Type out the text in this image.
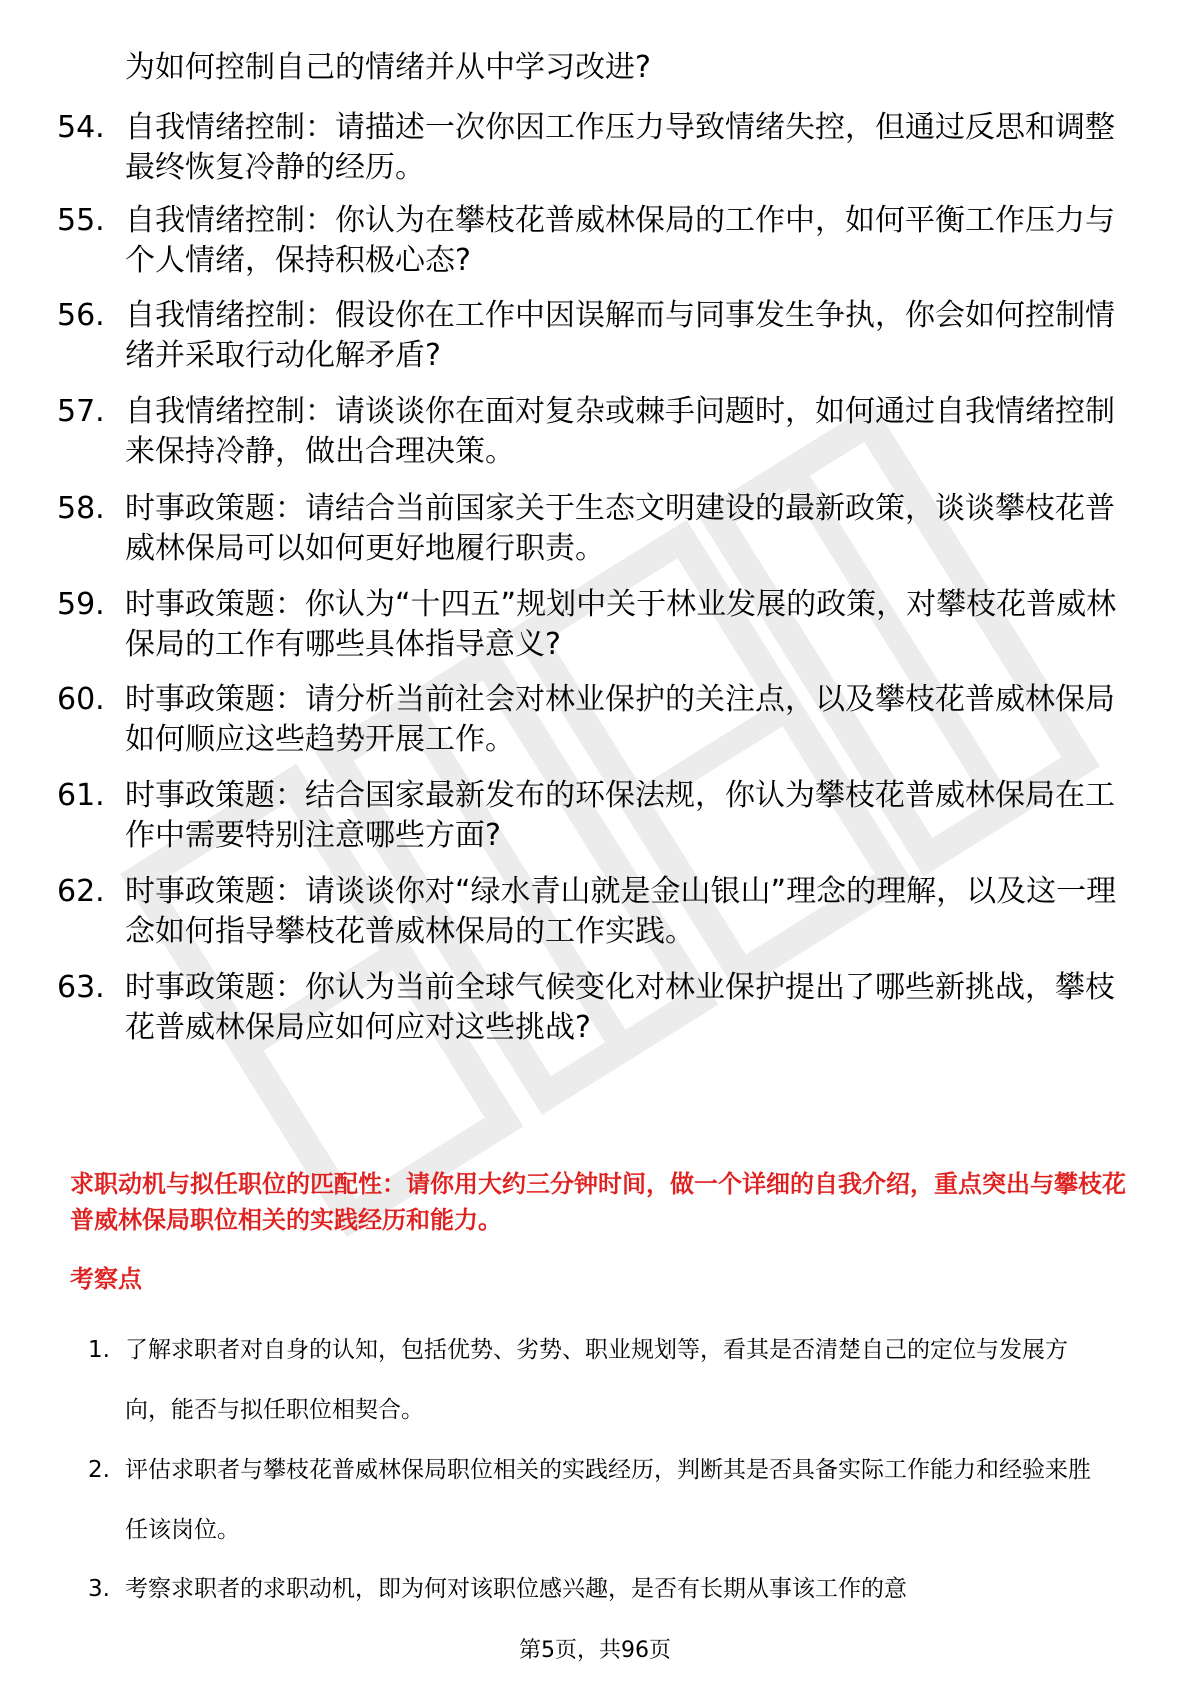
为如何控制自己的情绪并从中学习改进?
54. 自我情绪控制：请描述一次你因工作压力导致情绪失控，但通过反思和调整最终恢复冷静的经历。
55. 自我情绪控制：你认为在攀枝花普威林保局的工作中，如何平衡工作压力与个人情绪，保持积极心态?
56. 自我情绪控制：假设你在工作中因误解而与同事发生争执，你会如何控制情绪并采取行动化解矛盾?
57. 自我情绪控制：请谈谈你在面对复杂或棘手问题时，如何通过自我情绪控制来保持冷静，做出合理决策。
58. 时事政策题：请结合当前国家关于生态文明建设的最新政策，谈谈攀枝花普威林保局可以如何更好地履行职责。
59. 时事政策题：你认为“十四五”规划中关于林业发展的政策，对攀枝花普威林保局的工作有哪些具体指导意义?
60. 时事政策题：请分析当前社会对林业保护的关注点，以及攀枝花普威林保局如何顺应这些趋势开展工作。
61. 时事政策题：结合国家最新发布的环保法规，你认为攀枝花普威林保局在工作中需要特别注意哪些方面?
62. 时事政策题：请谈谈你对“绿水青山就是金山银山”理念的理解，以及这一理念如何指导攀枝花普威林保局的工作实践。
63. 时事政策题：你认为当前全球气候变化对林业保护提出了哪些新挑战，攀枝花普威林保局应如何应对这些挑战?
求职动机与拟任职位的匹配性：请你用大约三分钟时间，做一个详细的自我介绍，重点突出与攀枝花普威林保局职位相关的实践经历和能力。
考察点
1. 了解求职者对自身的认知，包括优势、劣势、职业规划等，看其是否清楚自己的定位与发展方向，能否与拟任职位相契合。
2. 评估求职者与攀枝花普威林保局职位相关的实践经历，判断其是否具备实际工作能力和经验来胜任该岗位。
3. 考察求职者的求职动机，即为何对该职位感兴趣，是否有长期从事该工作的意
第5页，共96页
